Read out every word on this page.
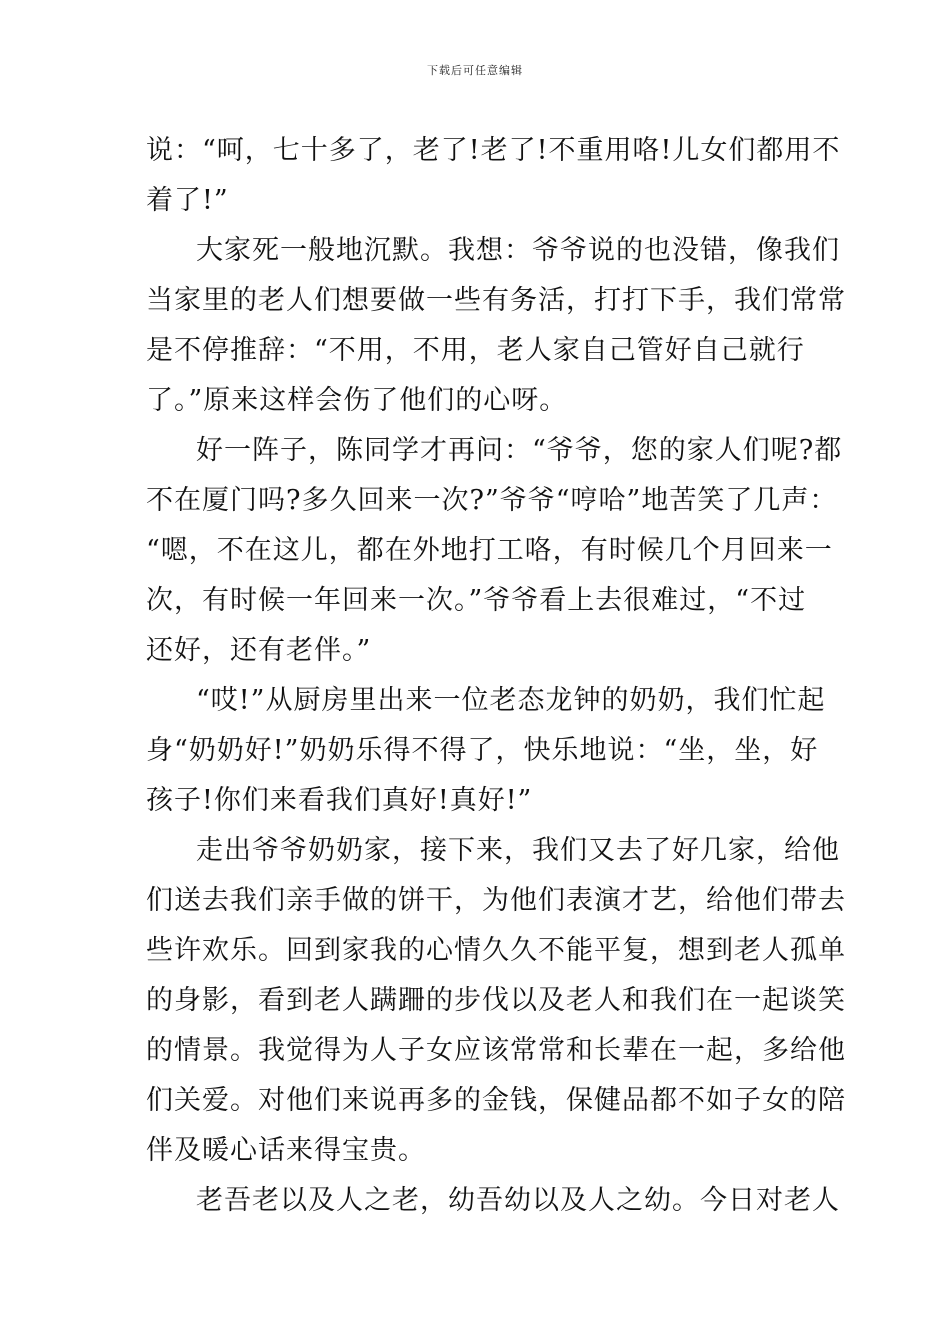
下载后可任意编辑
说：“呵，七十多了，老了!老了!不重用咯!儿女们都用不
着了!”
大家死一般地沉默。我想：爷爷说的也没错，像我们
当家里的老人们想要做一些有务活，打打下手，我们常常
是不停推辞：“不用，不用，老人家自己管好自己就行
了。”原来这样会伤了他们的心呀。
好一阵子，陈同学才再问：“爷爷，您的家人们呢?都
不在厦门吗?多久回来一次?”爷爷“哼哈”地苦笑了几声：
“嗯，不在这儿，都在外地打工咯，有时候几个月回来一
次，有时候一年回来一次。”爷爷看上去很难过，“不过
还好，还有老伴。”
“哎!”从厨房里出来一位老态龙钟的奶奶，我们忙起
身“奶奶好!”奶奶乐得不得了，快乐地说：“坐，坐，好
孩子!你们来看我们真好!真好!”
走出爷爷奶奶家，接下来，我们又去了好几家，给他
们送去我们亲手做的饼干，为他们表演才艺，给他们带去
些许欢乐。回到家我的心情久久不能平复，想到老人孤单
的身影，看到老人蹒跚的步伐以及老人和我们在一起谈笑
的情景。我觉得为人子女应该常常和长辈在一起，多给他
们关爱。对他们来说再多的金钱，保健品都不如子女的陪
伴及暖心话来得宝贵。
老吾老以及人之老，幼吾幼以及人之幼。今日对老人
